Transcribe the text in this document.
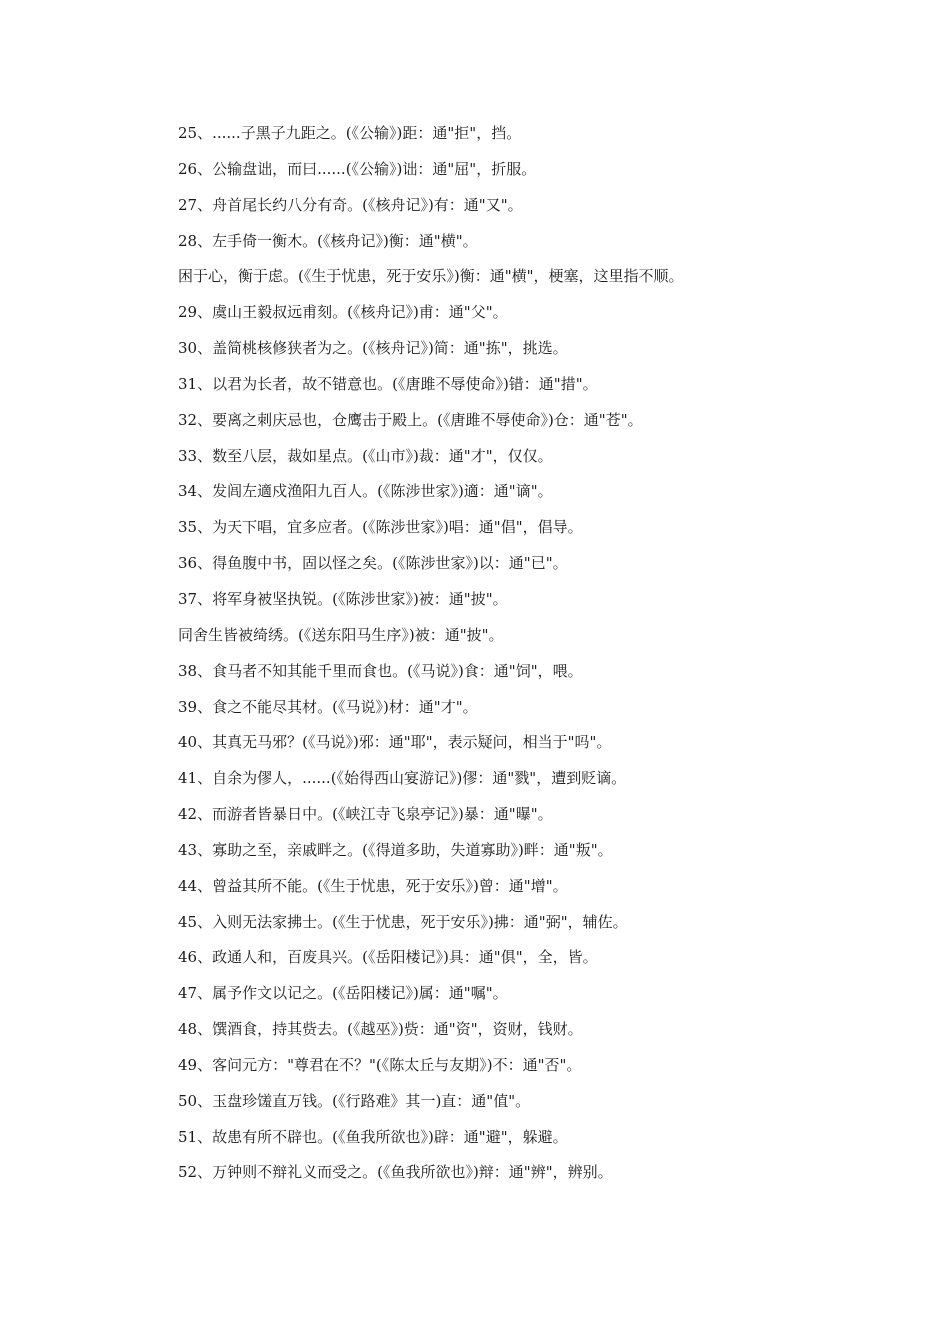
25、......子黑子九距之。(《公输》)距：通"拒"，挡。
26、公输盘诎，而曰......(《公输》)诎：通"屈"，折服。
27、舟首尾长约八分有奇。(《核舟记》)有：通"又"。
28、左手倚一衡木。(《核舟记》)衡：通"横"。
困于心，衡于虑。(《生于忧患，死于安乐》)衡：通"横"，梗塞，这里指不顺。
29、虞山王毅叔远甫刻。(《核舟记》)甫：通"父"。
30、盖简桃核修狭者为之。(《核舟记》)简：通"拣"，挑选。
31、以君为长者，故不错意也。(《唐雎不辱使命》)错：通"措"。
32、要离之刺庆忌也，仓鹰击于殿上。(《唐雎不辱使命》)仓：通"苍"。
33、数至八层，裁如星点。(《山市》)裁：通"才"，仅仅。
34、发闾左適戍渔阳九百人。(《陈涉世家》)適：通"谪"。
35、为天下唱，宜多应者。(《陈涉世家》)唱：通"倡"，倡导。
36、得鱼腹中书，固以怪之矣。(《陈涉世家》)以：通"已"。
37、将军身被坚执锐。(《陈涉世家》)被：通"披"。
同舍生皆被绮绣。(《送东阳马生序》)被：通"披"。
38、食马者不知其能千里而食也。(《马说》)食：通"饲"，喂。
39、食之不能尽其材。(《马说》)材：通"才"。
40、其真无马邪？(《马说》)邪：通"耶"，表示疑问，相当于"吗"。
41、自余为僇人，......(《始得西山宴游记》)僇：通"戮"，遭到贬谪。
42、而游者皆暴日中。(《峡江寺飞泉亭记》)暴：通"曝"。
43、寡助之至，亲戚畔之。(《得道多助，失道寡助》)畔：通"叛"。
44、曾益其所不能。(《生于忧患，死于安乐》)曾：通"增"。
45、入则无法家拂士。(《生于忧患，死于安乐》)拂：通"弼"，辅佐。
46、政通人和，百废具兴。(《岳阳楼记》)具：通"俱"，全，皆。
47、属予作文以记之。(《岳阳楼记》)属：通"嘱"。
48、馔酒食，持其赀去。(《越巫》)赀：通"资"，资财，钱财。
49、客问元方："尊君在不？"(《陈太丘与友期》)不：通"否"。
50、玉盘珍馐直万钱。(《行路难》其一)直：通"值"。
51、故患有所不辟也。(《鱼我所欲也》)辟：通"避"，躲避。
52、万钟则不辩礼义而受之。(《鱼我所欲也》)辩：通"辨"，辨别。
